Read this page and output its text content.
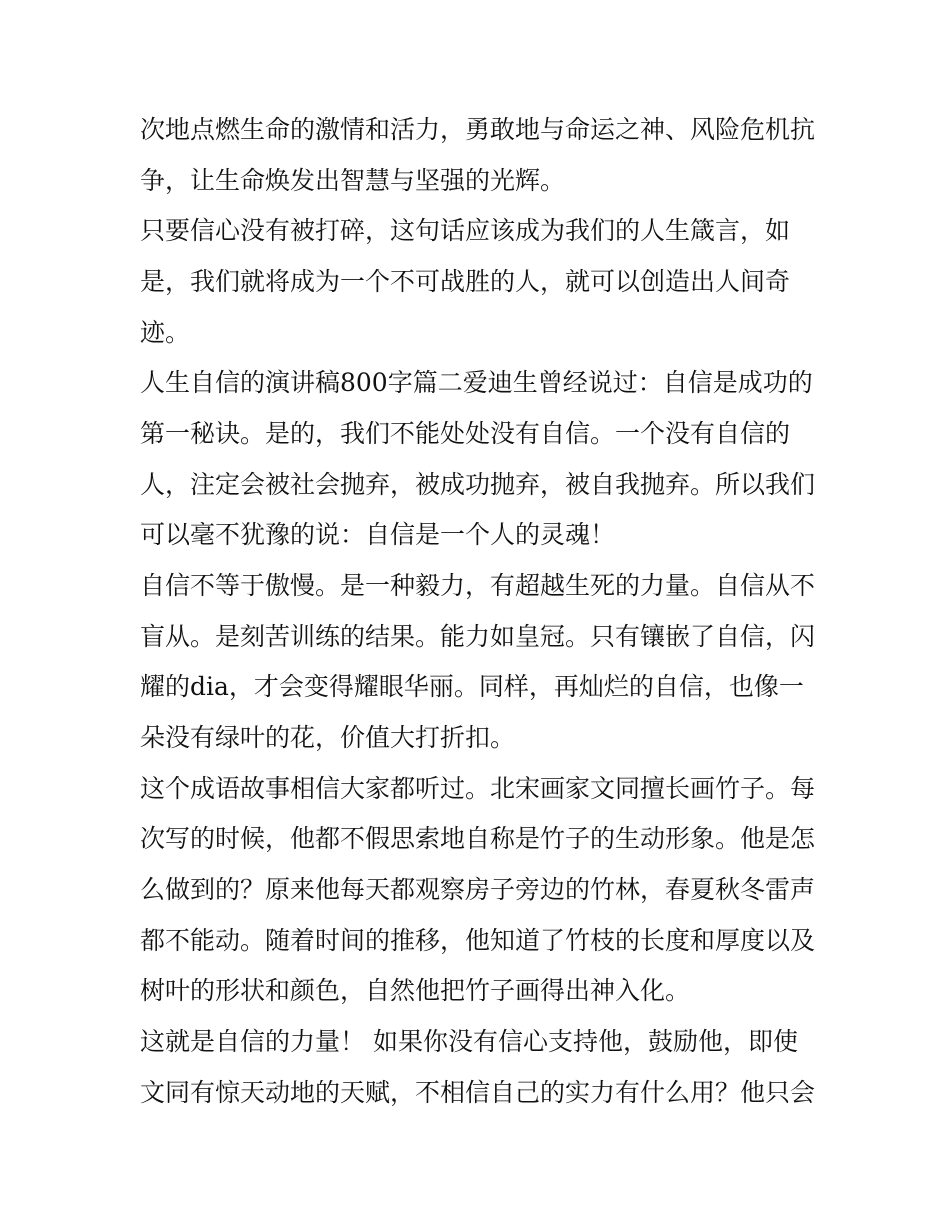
次地点燃生命的激情和活力，勇敢地与命运之神、风险危机抗
争，让生命焕发出智慧与坚强的光辉。
只要信心没有被打碎，这句话应该成为我们的人生箴言，如
是，我们就将成为一个不可战胜的人，就可以创造出人间奇
迹。
人生自信的演讲稿800字篇二爱迪生曾经说过：自信是成功的
第一秘诀。是的，我们不能处处没有自信。一个没有自信的
人，注定会被社会抛弃，被成功抛弃，被自我抛弃。所以我们
可以毫不犹豫的说：自信是一个人的灵魂！
自信不等于傲慢。是一种毅力，有超越生死的力量。自信从不
盲从。是刻苦训练的结果。能力如皇冠。只有镶嵌了自信，闪
耀的dia，才会变得耀眼华丽。同样，再灿烂的自信，也像一
朵没有绿叶的花，价值大打折扣。
这个成语故事相信大家都听过。北宋画家文同擅长画竹子。每
次写的时候，他都不假思索地自称是竹子的生动形象。他是怎
么做到的？原来他每天都观察房子旁边的竹林，春夏秋冬雷声
都不能动。随着时间的推移，他知道了竹枝的长度和厚度以及
树叶的形状和颜色，自然他把竹子画得出神入化。
这就是自信的力量！ 如果你没有信心支持他，鼓励他，即使
文同有惊天动地的天赋，不相信自己的实力有什么用？他只会
